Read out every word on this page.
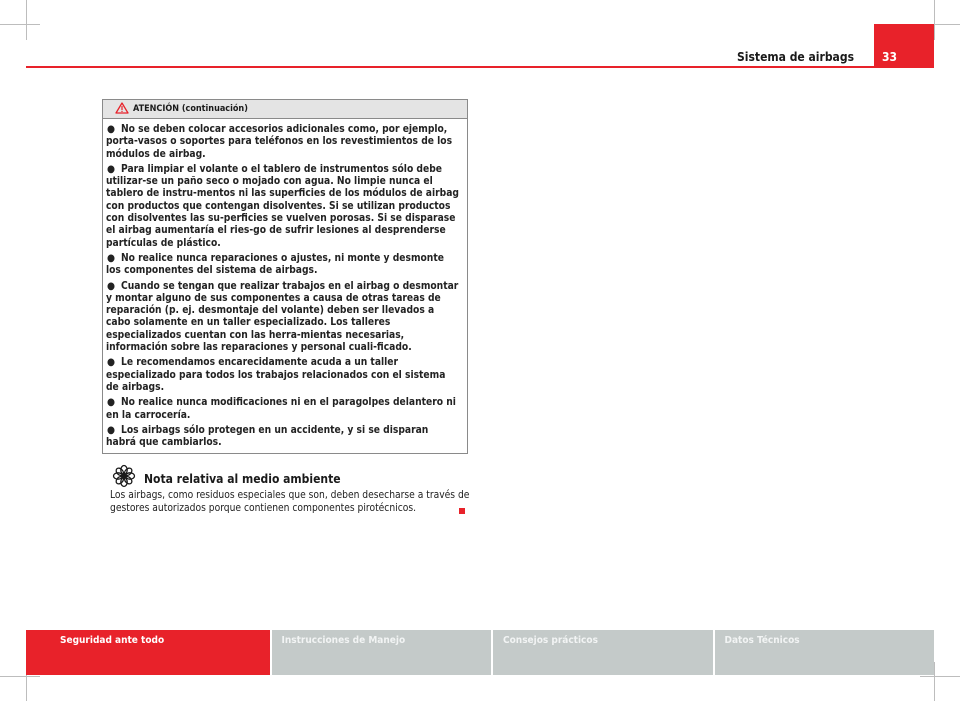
Sistema de airbags	33
ATENCIÓN (continuación)
● No se deben colocar accesorios adicionales como, por ejemplo, porta-vasos o soportes para teléfonos en los revestimientos de los módulos de airbag.
● Para limpiar el volante o el tablero de instrumentos sólo debe utilizar-se un paño seco o mojado con agua. No limpie nunca el tablero de instru-mentos ni las superficies de los módulos de airbag con productos que contengan disolventes. Si se utilizan productos con disolventes las su-perficies se vuelven porosas. Si se disparase el airbag aumentaría el ries-go de sufrir lesiones al desprenderse partículas de plástico.
● No realice nunca reparaciones o ajustes, ni monte y desmonte los componentes del sistema de airbags.
● Cuando se tengan que realizar trabajos en el airbag o desmontar y montar alguno de sus componentes a causa de otras tareas de reparación (p. ej. desmontaje del volante) deben ser llevados a cabo solamente en un taller especializado. Los talleres especializados cuentan con las herra-mientas necesarias, información sobre las reparaciones y personal cuali-ficado.
● Le recomendamos encarecidamente acuda a un taller especializado para todos los trabajos relacionados con el sistema de airbags.
● No realice nunca modificaciones ni en el paragolpes delantero ni en la carrocería.
● Los airbags sólo protegen en un accidente, y si se disparan habrá que cambiarlos.
Nota relativa al medio ambiente
Los airbags, como residuos especiales que son, deben desecharse a través de gestores autorizados porque contienen componentes pirotécnicos.
Seguridad ante todo	Instrucciones de Manejo	Consejos prácticos	Datos Técnicos
